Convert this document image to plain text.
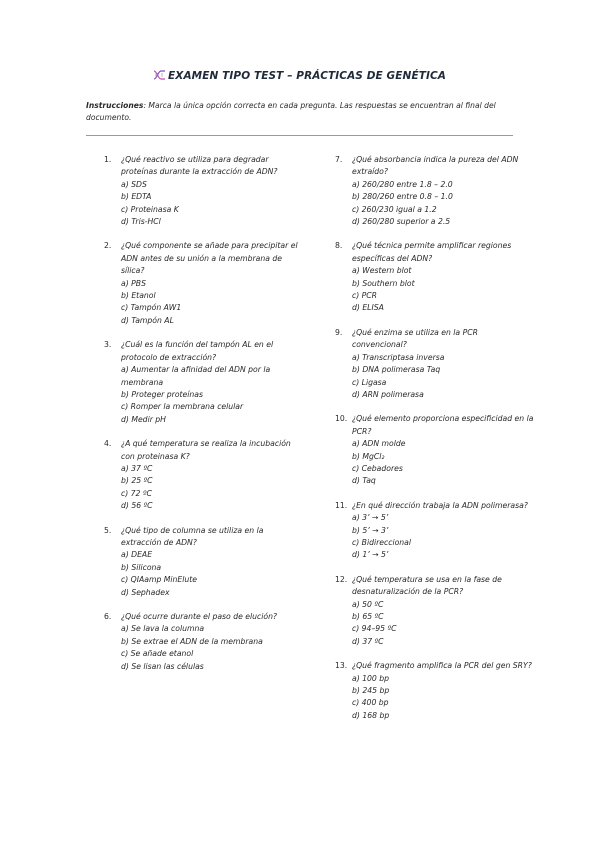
EXAMEN TIPO TEST – PRÁCTICAS DE GENÉTICA
Instrucciones: Marca la única opción correcta en cada pregunta. Las respuestas se encuentran al final del documento.
1. ¿Qué reactivo se utiliza para degradar proteínas durante la extracción de ADN?
a) SDS
b) EDTA
c) Proteinasa K
d) Tris-HCl
2. ¿Qué componente se añade para precipitar el ADN antes de su unión a la membrana de sílica?
a) PBS
b) Etanol
c) Tampón AW1
d) Tampón AL
3. ¿Cuál es la función del tampón AL en el protocolo de extracción?
a) Aumentar la afinidad del ADN por la membrana
b) Proteger proteínas
c) Romper la membrana celular
d) Medir pH
4. ¿A qué temperatura se realiza la incubación con proteinasa K?
a) 37 ºC
b) 25 ºC
c) 72 ºC
d) 56 ºC
5. ¿Qué tipo de columna se utiliza en la extracción de ADN?
a) DEAE
b) Silicona
c) QIAamp MinElute
d) Sephadex
6. ¿Qué ocurre durante el paso de elución?
a) Se lava la columna
b) Se extrae el ADN de la membrana
c) Se añade etanol
d) Se lisan las células
7. ¿Qué absorbancia indica la pureza del ADN extraído?
a) 260/280 entre 1.8 – 2.0
b) 280/260 entre 0.8 – 1.0
c) 260/230 igual a 1.2
d) 260/280 superior a 2.5
8. ¿Qué técnica permite amplificar regiones específicas del ADN?
a) Western blot
b) Southern blot
c) PCR
d) ELISA
9. ¿Qué enzima se utiliza en la PCR convencional?
a) Transcriptasa inversa
b) DNA polimerasa Taq
c) Ligasa
d) ARN polimerasa
10. ¿Qué elemento proporciona especificidad en la PCR?
a) ADN molde
b) MgCl₂
c) Cebadores
d) Taq
11. ¿En qué dirección trabaja la ADN polimerasa?
a) 3’ → 5’
b) 5’ → 3’
c) Bidireccional
d) 1’ → 5’
12. ¿Qué temperatura se usa en la fase de desnaturalización de la PCR?
a) 50 ºC
b) 65 ºC
c) 94–95 ºC
d) 37 ºC
13. ¿Qué fragmento amplifica la PCR del gen SRY?
a) 100 bp
b) 245 bp
c) 400 bp
d) 168 bp
